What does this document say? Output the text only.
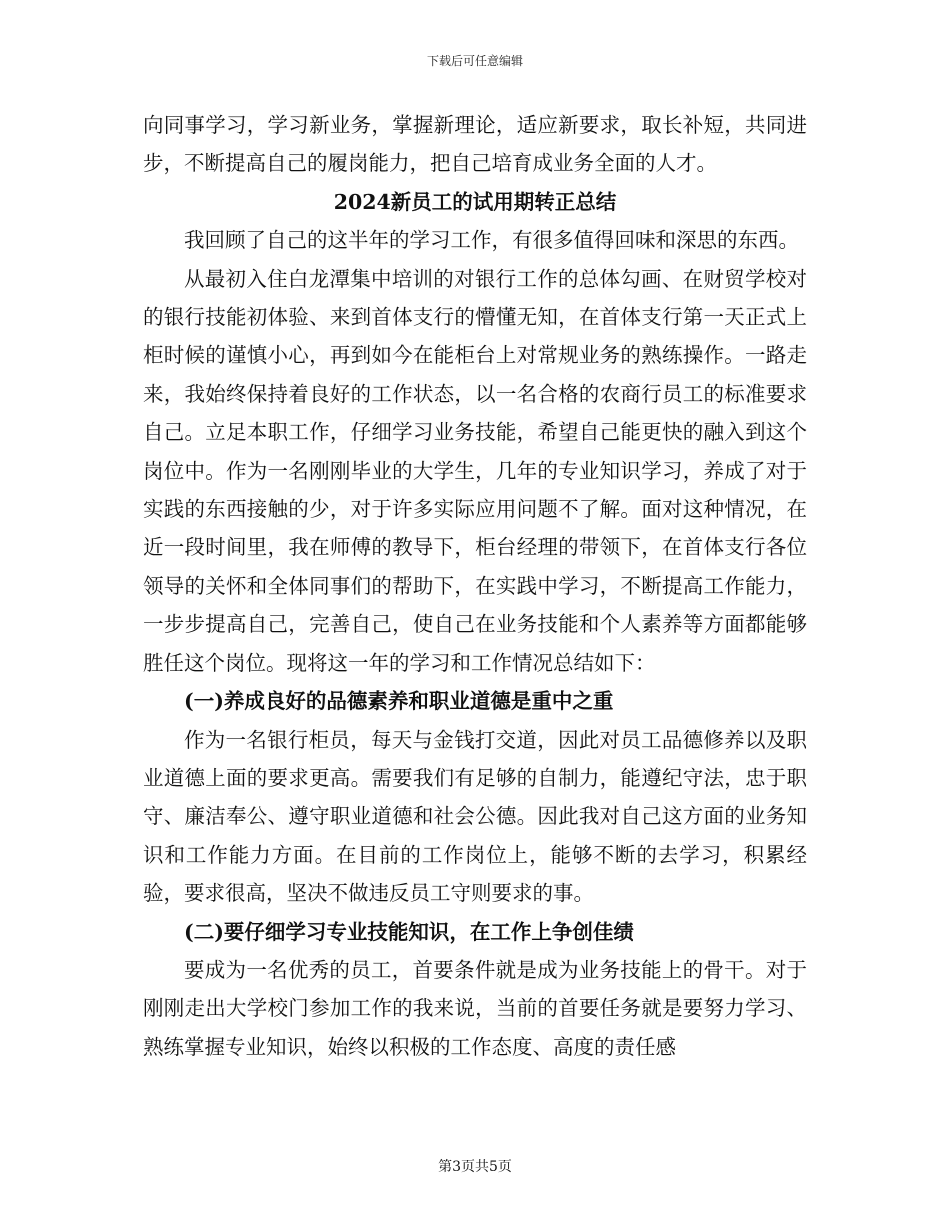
下载后可任意编辑

向同事学习，学习新业务，掌握新理论，适应新要求，取长补短，共同进步，不断提高自己的履岗能力，把自己培育成业务全面的人才。

2024新员工的试用期转正总结

我回顾了自己的这半年的学习工作，有很多值得回味和深思的东西。

从最初入住白龙潭集中培训的对银行工作的总体勾画、在财贸学校对的银行技能初体验、来到首体支行的懵懂无知，在首体支行第一天正式上柜时候的谨慎小心，再到如今在能柜台上对常规业务的熟练操作。一路走来，我始终保持着良好的工作状态，以一名合格的农商行员工的标准要求自己。立足本职工作，仔细学习业务技能，希望自己能更快的融入到这个岗位中。作为一名刚刚毕业的大学生，几年的专业知识学习，养成了对于实践的东西接触的少，对于许多实际应用问题不了解。面对这种情况，在近一段时间里，我在师傅的教导下，柜台经理的带领下，在首体支行各位领导的关怀和全体同事们的帮助下，在实践中学习，不断提高工作能力，一步步提高自己，完善自己，使自己在业务技能和个人素养等方面都能够胜任这个岗位。现将这一年的学习和工作情况总结如下：

(一)养成良好的品德素养和职业道德是重中之重

作为一名银行柜员，每天与金钱打交道，因此对员工品德修养以及职业道德上面的要求更高。需要我们有足够的自制力，能遵纪守法，忠于职守、廉洁奉公、遵守职业道德和社会公德。因此我对自己这方面的业务知识和工作能力方面。在目前的工作岗位上，能够不断的去学习，积累经验，要求很高，坚决不做违反员工守则要求的事。

(二)要仔细学习专业技能知识，在工作上争创佳绩

要成为一名优秀的员工，首要条件就是成为业务技能上的骨干。对于刚刚走出大学校门参加工作的我来说，当前的首要任务就是要努力学习、熟练掌握专业知识，始终以积极的工作态度、高度的责任感

第3页共5页
